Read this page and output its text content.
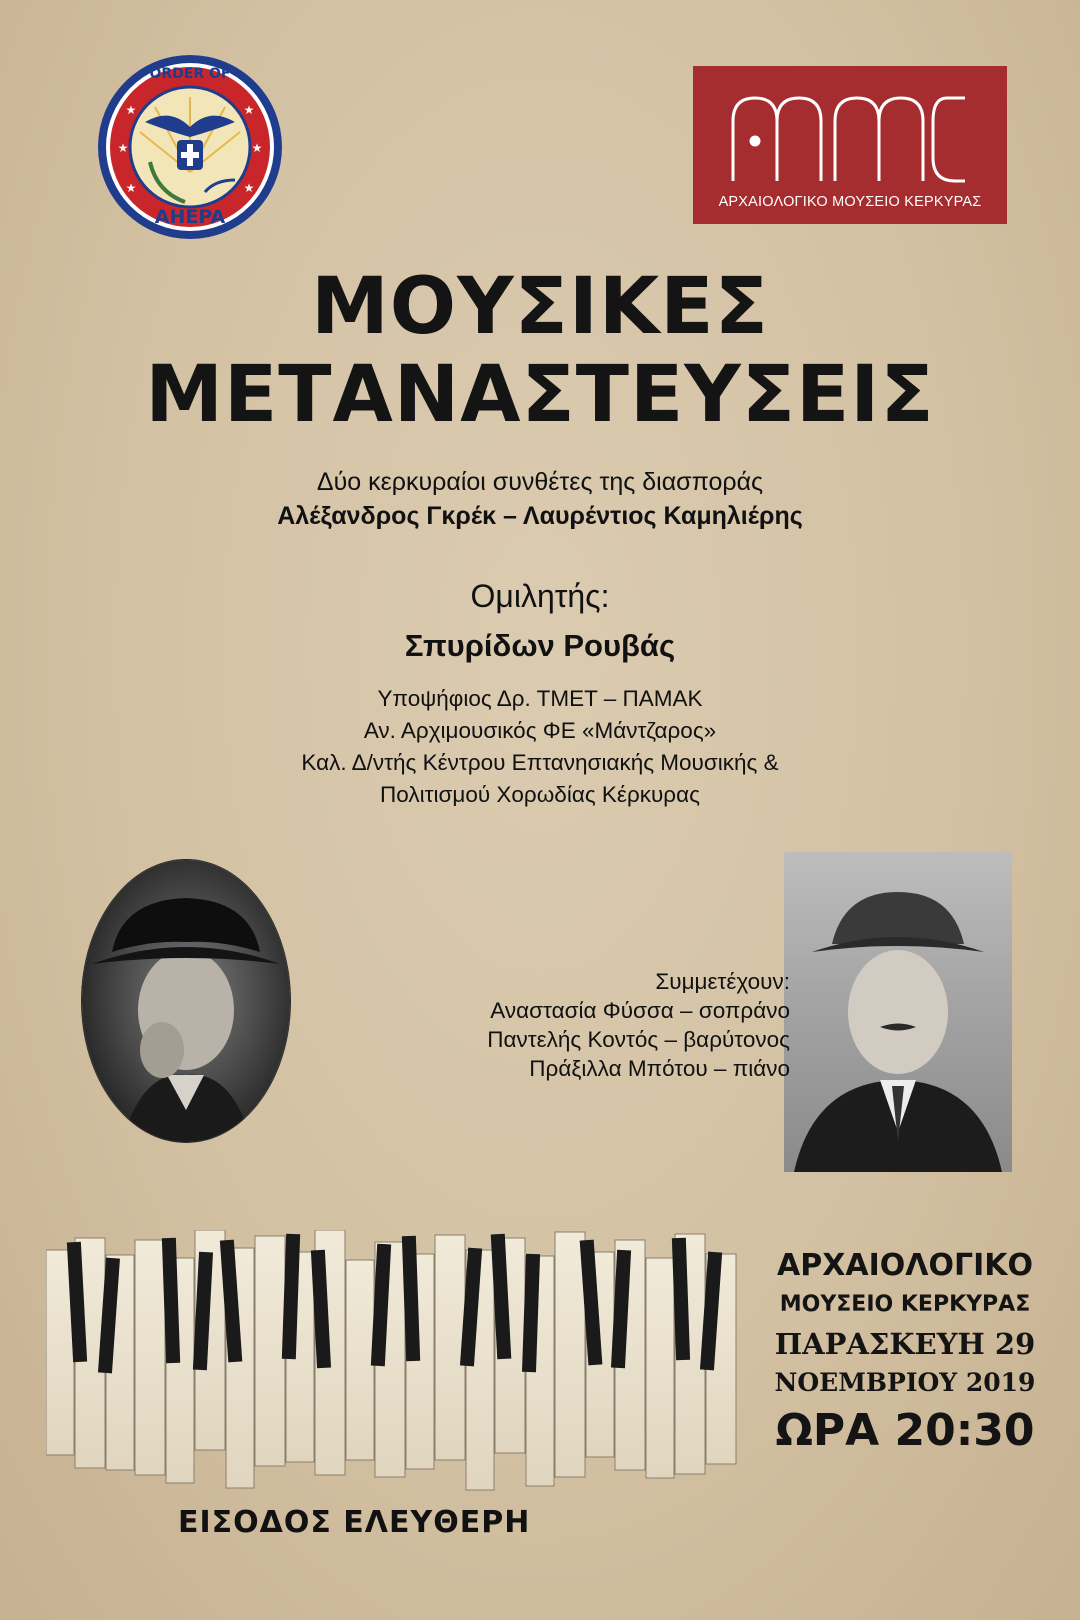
★	★
★	★
★	★
ORDER OF
AHEPA
ΑΡΧΑΙΟΛΟΓΙΚΟ ΜΟΥΣΕΙΟ ΚΕΡΚΥΡΑΣ
ΜΟΥΣΙΚΕΣ
ΜΕΤΑΝΑΣΤΕΥΣΕΙΣ
Δύο κερκυραίοι συνθέτες της διασποράς
Αλέξανδρος Γκρέκ – Λαυρέντιος Καμηλιέρης
Ομιλητής:
Σπυρίδων Ρουβάς
Υποψήφιος Δρ. ΤΜΕΤ – ΠΑΜΑΚ
Αν. Αρχιμουσικός ΦΕ «Μάντζαρος»
Καλ. Δ/ντής Κέντρου Επτανησιακής Μουσικής &
Πολιτισμού Χορωδίας Κέρκυρας
Συμμετέχουν:
Αναστασία Φύσσα – σοπράνο
Παντελής Κοντός – βαρύτονος
Πράξιλλα Μπότου – πιάνο
ΑΡΧΑΙΟΛΟΓΙΚΟ
ΜΟΥΣΕΙΟ ΚΕΡΚΥΡΑΣ
ΠΑΡΑΣΚΕΥΗ 29
ΝΟΕΜΒΡΙΟΥ 2019
ΩΡΑ 20:30
ΕΙΣΟΔΟΣ ΕΛΕΥΘΕΡΗ
